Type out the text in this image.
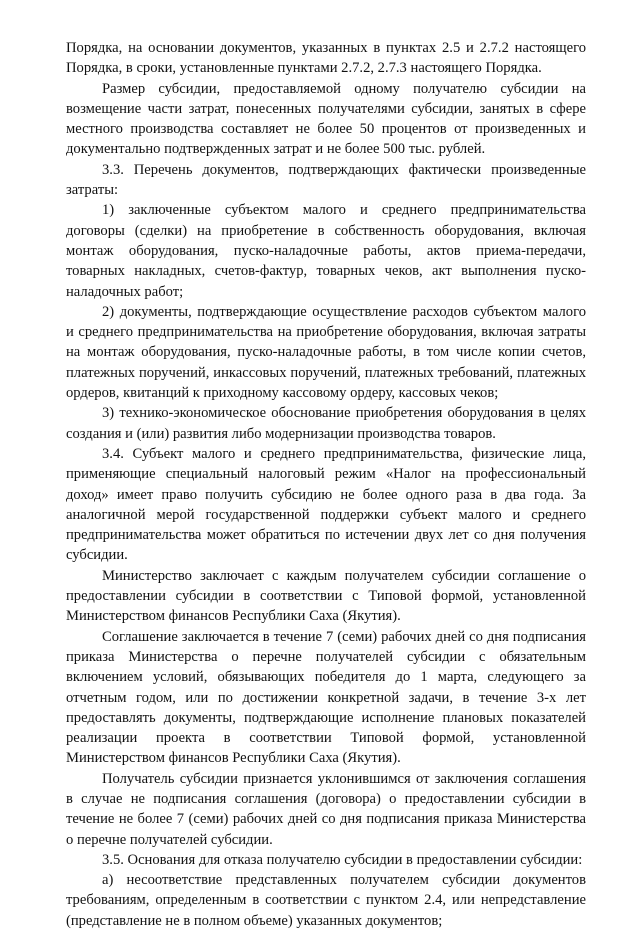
Порядка, на основании документов, указанных в пунктах 2.5 и 2.7.2 настоящего Порядка, в сроки, установленные пунктами 2.7.2, 2.7.3 настоящего Порядка.

Размер субсидии, предоставляемой одному получателю субсидии на возмещение части затрат, понесенных получателями субсидии, занятых в сфере местного производства составляет не более 50 процентов от произведенных и документально подтвержденных затрат и не более 500 тыс. рублей.

3.3. Перечень документов, подтверждающих фактически произведенные затраты:

1) заключенные субъектом малого и среднего предпринимательства договоры (сделки) на приобретение в собственность оборудования, включая монтаж оборудования, пуско-наладочные работы, актов приема-передачи, товарных накладных, счетов-фактур, товарных чеков, акт выполнения пуско-наладочных работ;

2) документы, подтверждающие осуществление расходов субъектом малого и среднего предпринимательства на приобретение оборудования, включая затраты на монтаж оборудования, пуско-наладочные работы, в том числе копии счетов, платежных поручений, инкассовых поручений, платежных требований, платежных ордеров, квитанций к приходному кассовому ордеру, кассовых чеков;

3) технико-экономическое обоснование приобретения оборудования в целях создания и (или) развития либо модернизации производства товаров.

3.4. Субъект малого и среднего предпринимательства, физические лица, применяющие специальный налоговый режим «Налог на профессиональный доход» имеет право получить субсидию не более одного раза в два года. За аналогичной мерой государственной поддержки субъект малого и среднего предпринимательства может обратиться по истечении двух лет со дня получения субсидии.

Министерство заключает с каждым получателем субсидии соглашение о предоставлении субсидии в соответствии с Типовой формой, установленной Министерством финансов Республики Саха (Якутия).

Соглашение заключается в течение 7 (семи) рабочих дней со дня подписания приказа Министерства о перечне получателей субсидии с обязательным включением условий, обязывающих победителя до 1 марта, следующего за отчетным годом, или по достижении конкретной задачи, в течение 3-х лет предоставлять документы, подтверждающие исполнение плановых показателей реализации проекта в соответствии Типовой формой, установленной Министерством финансов Республики Саха (Якутия).

Получатель субсидии признается уклонившимся от заключения соглашения в случае не подписания соглашения (договора) о предоставлении субсидии в течение не более 7 (семи) рабочих дней со дня подписания приказа Министерства о перечне получателей субсидии.

3.5. Основания для отказа получателю субсидии в предоставлении субсидии:

а) несоответствие представленных получателем субсидии документов требованиям, определенным в соответствии с пунктом 2.4, или непредставление (представление не в полном объеме) указанных документов;
